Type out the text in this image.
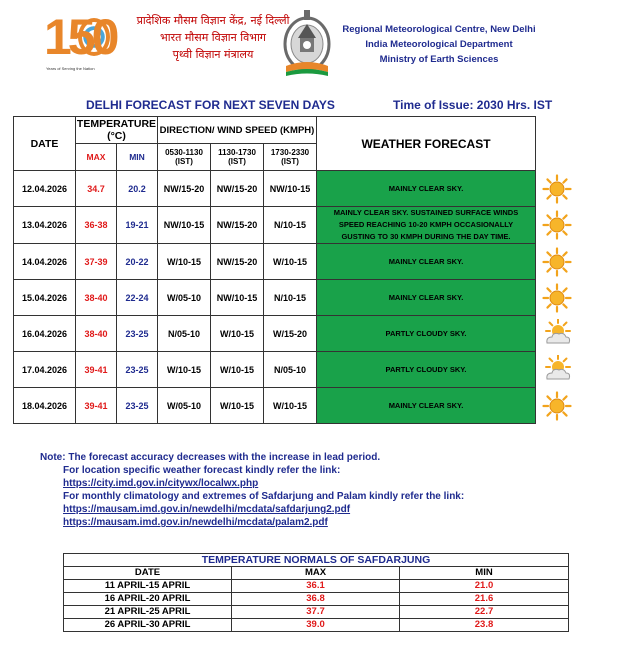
150
Years of Serving the Nation
प्रादेशिक मौसम विज्ञान केंद्र, नई दिल्ली
भारत मौसम विज्ञान विभाग
पृथ्वी विज्ञान मंत्रालय
Regional Meteorological Centre, New Delhi
India Meteorological Department
Ministry of Earth Sciences
DELHI FORECAST FOR NEXT SEVEN DAYS	Time of Issue: 2030 Hrs. IST
DATE	TEMPERATURE (°C)		DIRECTION/ WIND SPEED (KMPH)			WEATHER FORECAST	
	MAX	MIN	0530-1130 (IST)	1130-1730 (IST)	1730-2330 (IST)		
12.04.2026	34.7	20.2	NW/15-20	NW/15-20	NW/10-15	MAINLY CLEAR SKY.	

13.04.2026	36-38	19-21	NW/10-15	NW/15-20	N/10-15	MAINLY CLEAR SKY. SUSTAINED SURFACE WINDS SPEED REACHING 10-20 KMPH OCCASIONALLY GUSTING TO 30 KMPH DURING THE DAY TIME.	

14.04.2026	37-39	20-22	W/10-15	NW/15-20	W/10-15	MAINLY CLEAR SKY.	

15.04.2026	38-40	22-24	W/05-10	NW/10-15	N/10-15	MAINLY CLEAR SKY.	

16.04.2026	38-40	23-25	N/05-10	W/10-15	W/15-20	PARTLY CLOUDY SKY.	

17.04.2026	39-41	23-25	W/10-15	W/10-15	N/05-10	PARTLY CLOUDY SKY.	

18.04.2026	39-41	23-25	W/05-10	W/10-15	W/10-15	MAINLY CLEAR SKY.	
Note: The forecast accuracy decreases with the increase in lead period.
For location specific weather forecast kindly refer the link:
https://city.imd.gov.in/citywx/localwx.php
For monthly climatology and extremes of Safdarjung and Palam kindly refer the link:
https://mausam.imd.gov.in/newdelhi/mcdata/safdarjung2.pdf
https://mausam.imd.gov.in/newdelhi/mcdata/palam2.pdf
TEMPERATURE NORMALS OF SAFDARJUNG		
DATE	MAX	MIN
11 APRIL-15 APRIL	36.1	21.0
16 APRIL-20 APRIL	36.8	21.6
21 APRIL-25 APRIL	37.7	22.7
26 APRIL-30 APRIL	39.0	23.8
